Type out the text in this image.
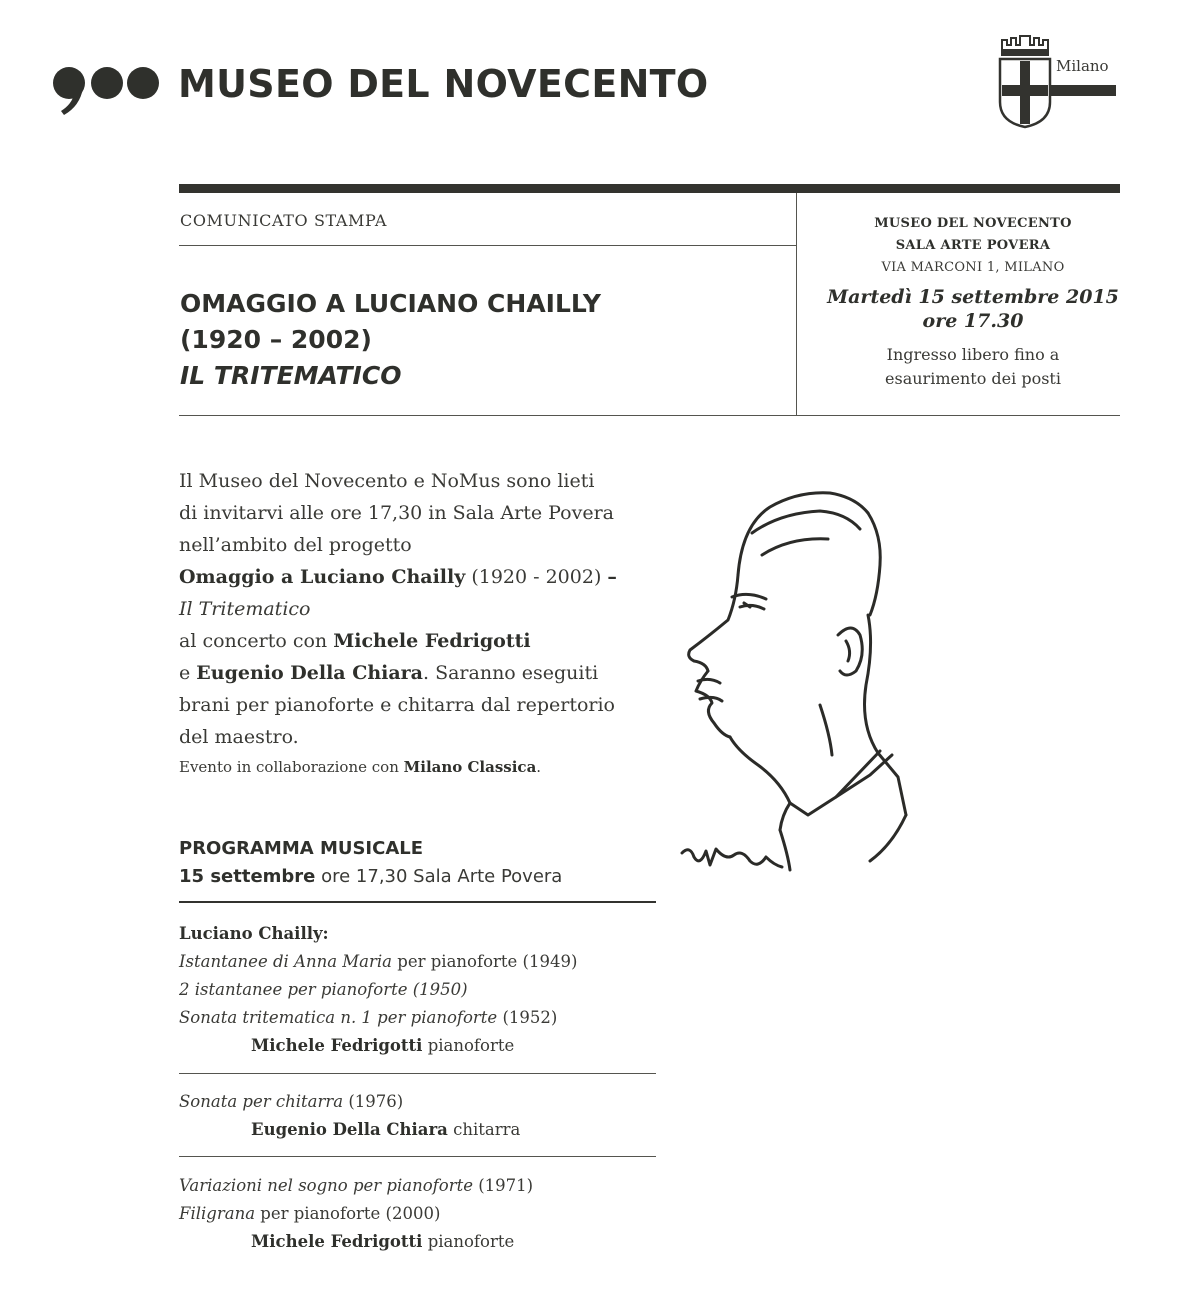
MUSEO DEL NOVECENTO	Milano
COMUNICATO STAMPA
OMAGGIO A LUCIANO CHAILLY
(1920 – 2002)
IL TRITEMATICO
MUSEO DEL NOVECENTO
SALA ARTE POVERA
VIA MARCONI 1, MILANO
Martedì 15 settembre 2015
ore 17.30
Ingresso libero fino a
esaurimento dei posti
Il Museo del Novecento e NoMus sono lieti
di invitarvi alle ore 17,30 in Sala Arte Povera
nell’ambito del progetto
Omaggio a Luciano Chailly (1920 - 2002) –
Il Tritematico
al concerto con Michele Fedrigotti
e Eugenio Della Chiara. Saranno eseguiti
brani per pianoforte e chitarra dal repertorio
del maestro.
Evento in collaborazione con Milano Classica.
PROGRAMMA MUSICALE
15 settembre ore 17,30 Sala Arte Povera
Luciano Chailly:
Istantanee di Anna Maria per pianoforte (1949)
2 istantanee per pianoforte (1950)
Sonata tritematica n. 1 per pianoforte (1952)
Michele Fedrigotti pianoforte
Sonata per chitarra (1976)
Eugenio Della Chiara chitarra
Variazioni nel sogno per pianoforte (1971)
Filigrana per pianoforte (2000)
Michele Fedrigotti pianoforte
